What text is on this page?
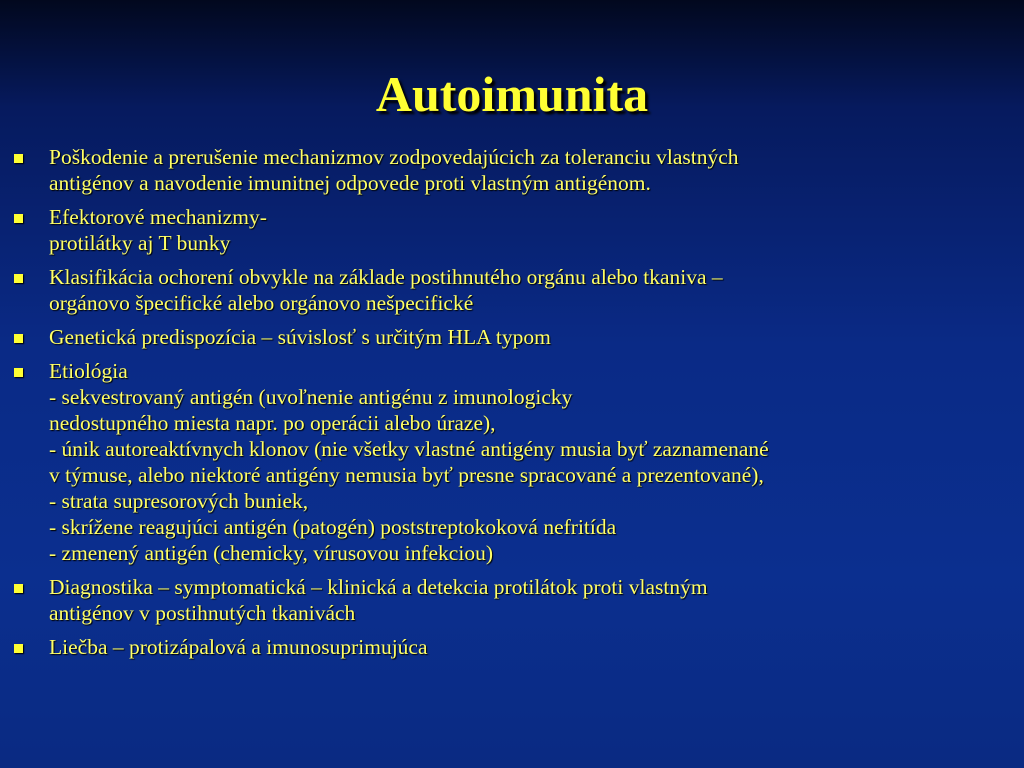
Autoimunita
Poškodenie a prerušenie mechanizmov zodpovedajúcich za toleranciu vlastných
antigénov a navodenie imunitnej odpovede proti vlastným antigénom.
Efektorové mechanizmy-
protilátky aj T bunky
Klasifikácia ochorení obvykle na základe postihnutého orgánu alebo tkaniva –
orgánovo špecifické alebo orgánovo nešpecifické
Genetická predispozícia – súvislosť s určitým HLA typom
Etiológia
- sekvestrovaný antigén (uvoľnenie antigénu z imunologicky
nedostupného miesta napr. po operácii alebo úraze),
- únik autoreaktívnych klonov (nie všetky vlastné antigény musia byť zaznamenané
v týmuse, alebo niektoré antigény nemusia byť presne spracované a prezentované),
- strata supresorových buniek,
- skrížene reagujúci antigén (patogén) poststreptokoková nefritída
- zmenený antigén (chemicky, vírusovou infekciou)
Diagnostika – symptomatická – klinická a detekcia protilátok proti vlastným
antigénov v postihnutých tkanivách
Liečba – protizápalová a imunosuprimujúca
